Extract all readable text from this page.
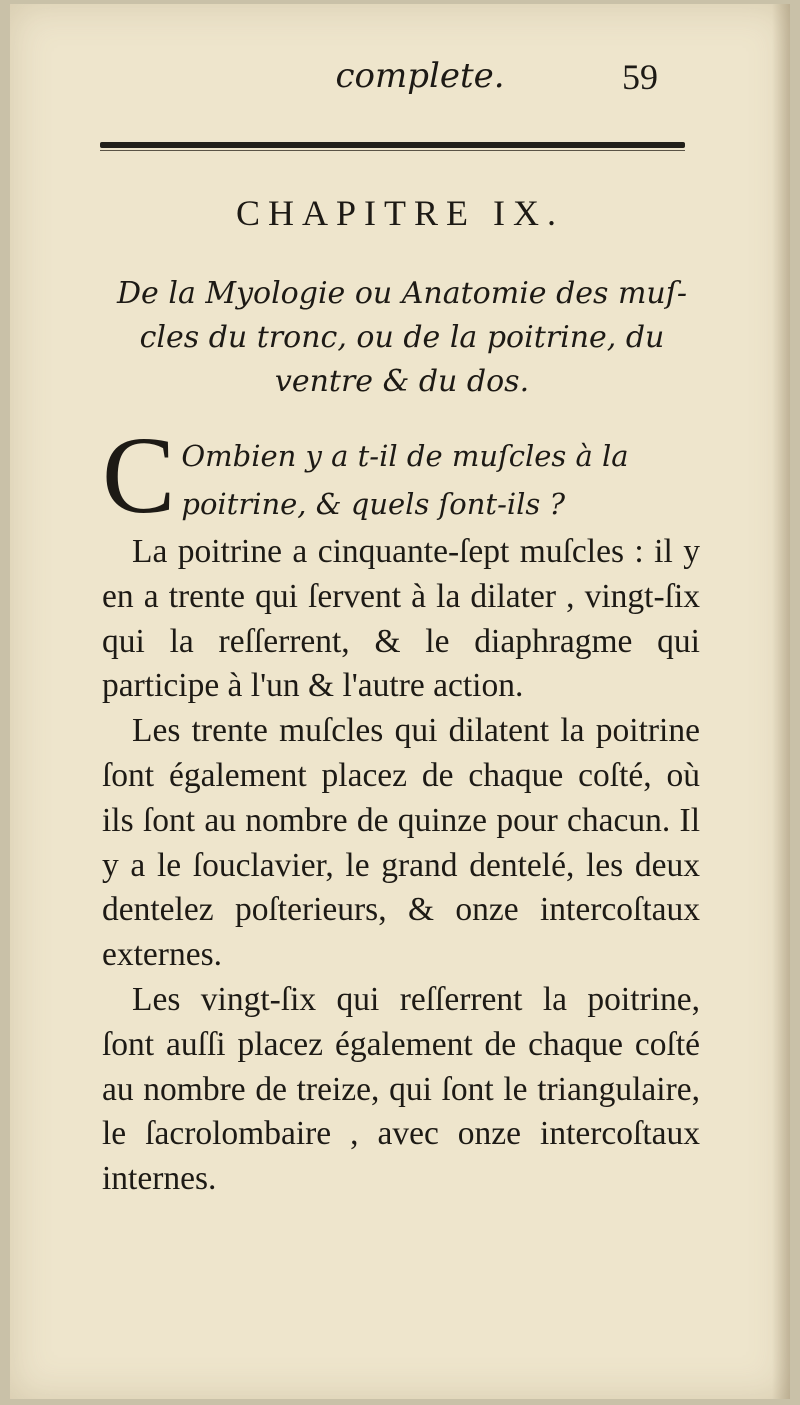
complete.	59
CHAPITRE IX.
De la Myologie ou Anatomie des muſ-cles du tronc, ou de la poitrine, du ventre & du dos.
C Ombien y a t-il de muſcles à la poitrine, & quels ſont-ils ?

La poitrine a cinquante-ſept muſcles : il y en a trente qui ſervent à la dilater , vingt-ſix qui la reſſerrent, & le diaphragme qui participe à l'un & l'autre action.

Les trente muſcles qui dilatent la poitrine ſont également placez de chaque coſté, où ils ſont au nombre de quinze pour chacun. Il y a le ſouclavier, le grand dentelé, les deux dentelez poſterieurs, & onze intercoſtaux externes.

Les vingt-ſix qui reſſerrent la poitrine, ſont auſſi placez également de chaque coſté au nombre de treize, qui ſont le triangulaire, le ſacrolombaire , avec onze intercoſtaux internes.
